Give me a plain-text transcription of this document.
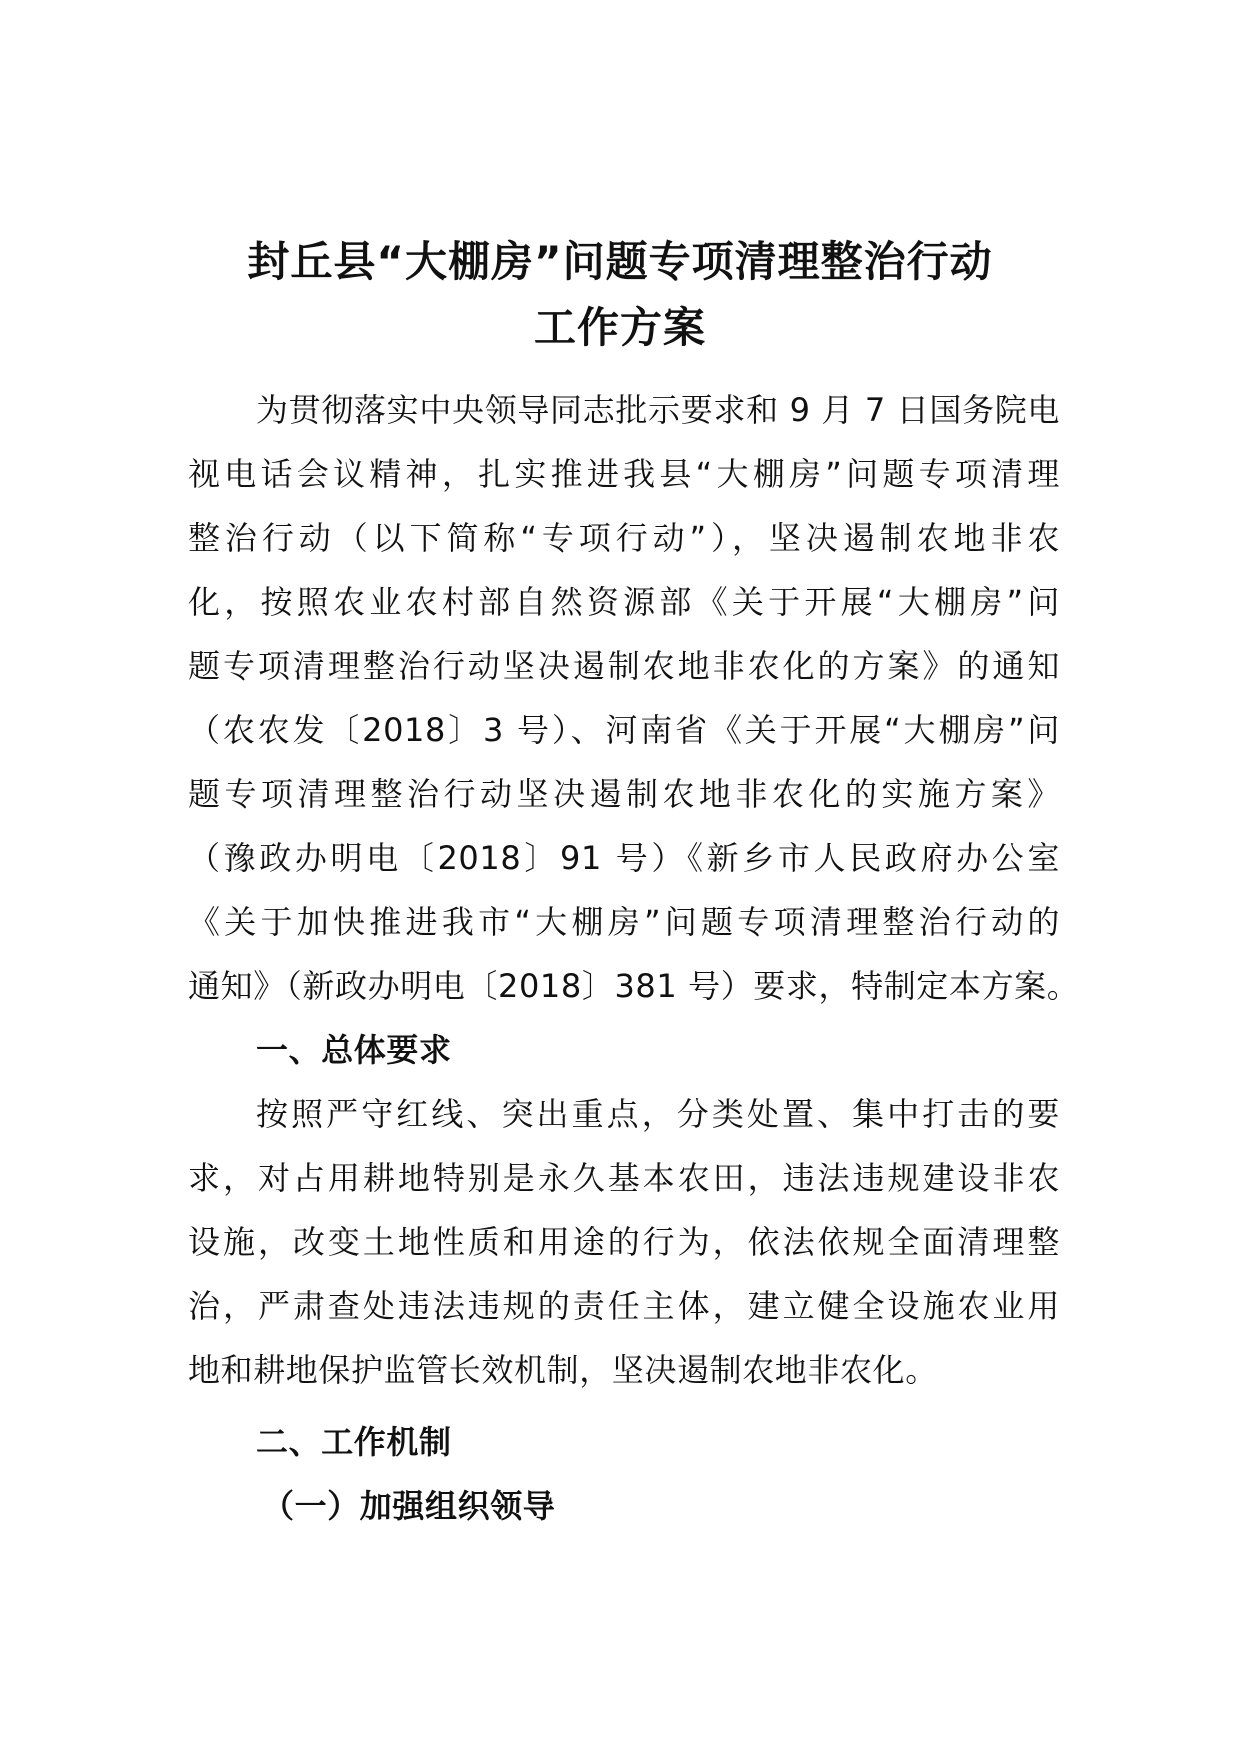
封丘县“大棚房”问题专项清理整治行动
工作方案
为贯彻落实中央领导同志批示要求和 9 月 7 日国务院电
视电话会议精神，扎实推进我县“大棚房”问题专项清理
整治行动（以下简称“专项行动”），坚决遏制农地非农
化，按照农业农村部自然资源部《关于开展“大棚房”问
题专项清理整治行动坚决遏制农地非农化的方案》的通知
（农农发〔2018〕3 号）、河南省《关于开展“大棚房”问
题专项清理整治行动坚决遏制农地非农化的实施方案》
（豫政办明电〔2018〕91 号）《新乡市人民政府办公室
《关于加快推进我市“大棚房”问题专项清理整治行动的
通知》（新政办明电〔2018〕381 号）要求，特制定本方案。
一、总体要求
按照严守红线、突出重点，分类处置、集中打击的要
求，对占用耕地特别是永久基本农田，违法违规建设非农
设施，改变土地性质和用途的行为，依法依规全面清理整
治，严肃查处违法违规的责任主体，建立健全设施农业用
地和耕地保护监管长效机制，坚决遏制农地非农化。
二、工作机制
（一）加强组织领导
